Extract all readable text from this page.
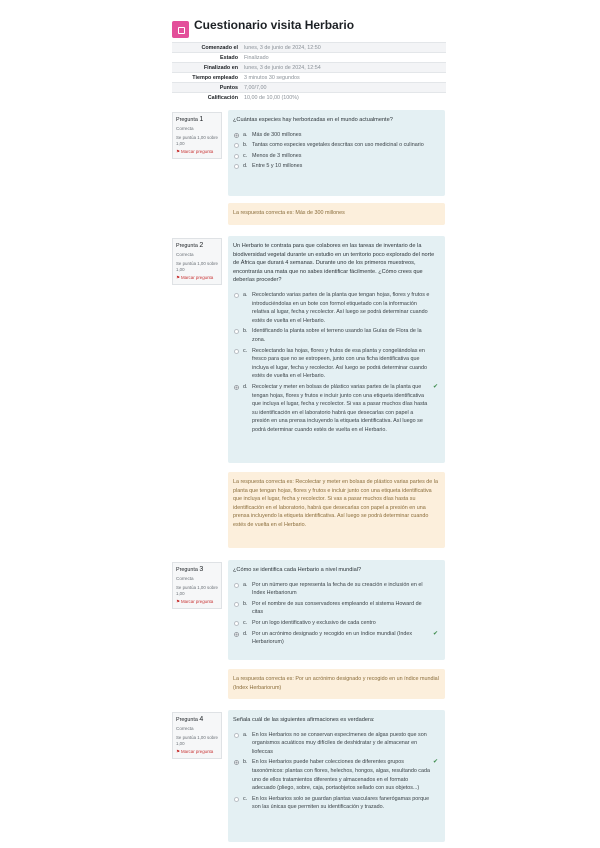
Cuestionario visita Herbario
Comenzado el	lunes, 3 de junio de 2024, 12:50
Estado	Finalizado
Finalizado en	lunes, 3 de junio de 2024, 12:54
Tiempo empleado	3 minutos 30 segundos
Puntos	7,00/7,00
Calificación	10,00 de 10,00 (100%)
Pregunta 1
Correcta
Se puntúa 1,00 sobre 1,00
⚑ Marcar pregunta
¿Cuántas especies hay herborizadas en el mundo actualmente?
a. Más de 300 millones
b. Tantas como especies vegetales descritas con uso medicinal o culinario
c. Menos de 3 millones
d. Entre 5 y 10 millones
La respuesta correcta es: Más de 300 millones
Pregunta 2
Correcta
Se puntúa 1,00 sobre 1,00
⚑ Marcar pregunta
Un Herbario te contrata para que colabores en las tareas de inventario de la biodiversidad vegetal durante un estudio en un territorio poco explorado del norte de África que durará 4 semanas. Durante uno de los primeros muestreos, encontrarás una mata que no sabes identificar fácilmente. ¿Cómo crees que deberías proceder?
a. Recolectando varias partes de la planta que tengan hojas, flores y frutos e introduciéndolas en un bote con formol etiquetado con la información relativa al lugar, fecha y recolector. Así luego se podrá determinar cuando estés de vuelta en el Herbario.
b. Identificando la planta sobre el terreno usando las Guías de Flora de la zona.
c. Recolectando las hojas, flores y frutos de esa planta y congelándolas en fresco para que no se estropeen, junto con una ficha identificativa que incluya el lugar, fecha y recolector. Así luego se podrá determinar cuando estés de vuelta en el Herbario.
d. Recolectar y meter en bolsas de plástico varias partes de la planta que tengan hojas, flores y frutos e incluir junto con una etiqueta identificativa que incluya el lugar, fecha y recolector. Si vas a pasar muchos días hasta su identificación en el laboratorio habrá que desecarlas con papel a presión en una prensa incluyendo la etiqueta identificativa. Así luego se podrá determinar cuando estés de vuelta en el Herbario.
✔
La respuesta correcta es: Recolectar y meter en bolsas de plástico varias partes de la planta que tengan hojas, flores y frutos e incluir junto con una etiqueta identificativa que incluya el lugar, fecha y recolector. Si vas a pasar muchos días hasta su identificación en el laboratorio, habrá que desecarlas con papel a presión en una prensa incluyendo la etiqueta identificativa. Así luego se podrá determinar cuando estés de vuelta en el Herbario.
Pregunta 3
Correcta
Se puntúa 1,00 sobre 1,00
⚑ Marcar pregunta
¿Cómo se identifica cada Herbario a nivel mundial?
a. Por un número que representa la fecha de su creación e inclusión en el Index Herbariorum
b. Por el nombre de sus conservadores empleando el sistema Howard de citas
c. Por un logo identificativo y exclusivo de cada centro
d. Por un acrónimo designado y recogido en un índice mundial (Index Herbariorum)
✔
La respuesta correcta es: Por un acrónimo designado y recogido en un índice mundial (Index Herbariorum)
Pregunta 4
Correcta
Se puntúa 1,00 sobre 1,00
⚑ Marcar pregunta
Señala cuál de las siguientes afirmaciones es verdadera:
a. En los Herbarios no se conservan especímenes de algas puesto que son organismos acuáticos muy difíciles de deshidratar y de almacenar en liofeccas
b. En los Herbarios puede haber colecciones de diferentes grupos taxonómicos: plantas con flores, helechos, hongos, algas, resultando cada uno de ellos tratamientos diferentes y almacenados en el formato adecuado (pliego, sobre, caja, portaobjetos sellado con sus objetos...)
✔
c. En los Herbarios solo se guardan plantas vasculares fanerógamas porque son las únicas que permiten su identificación y trazado.
